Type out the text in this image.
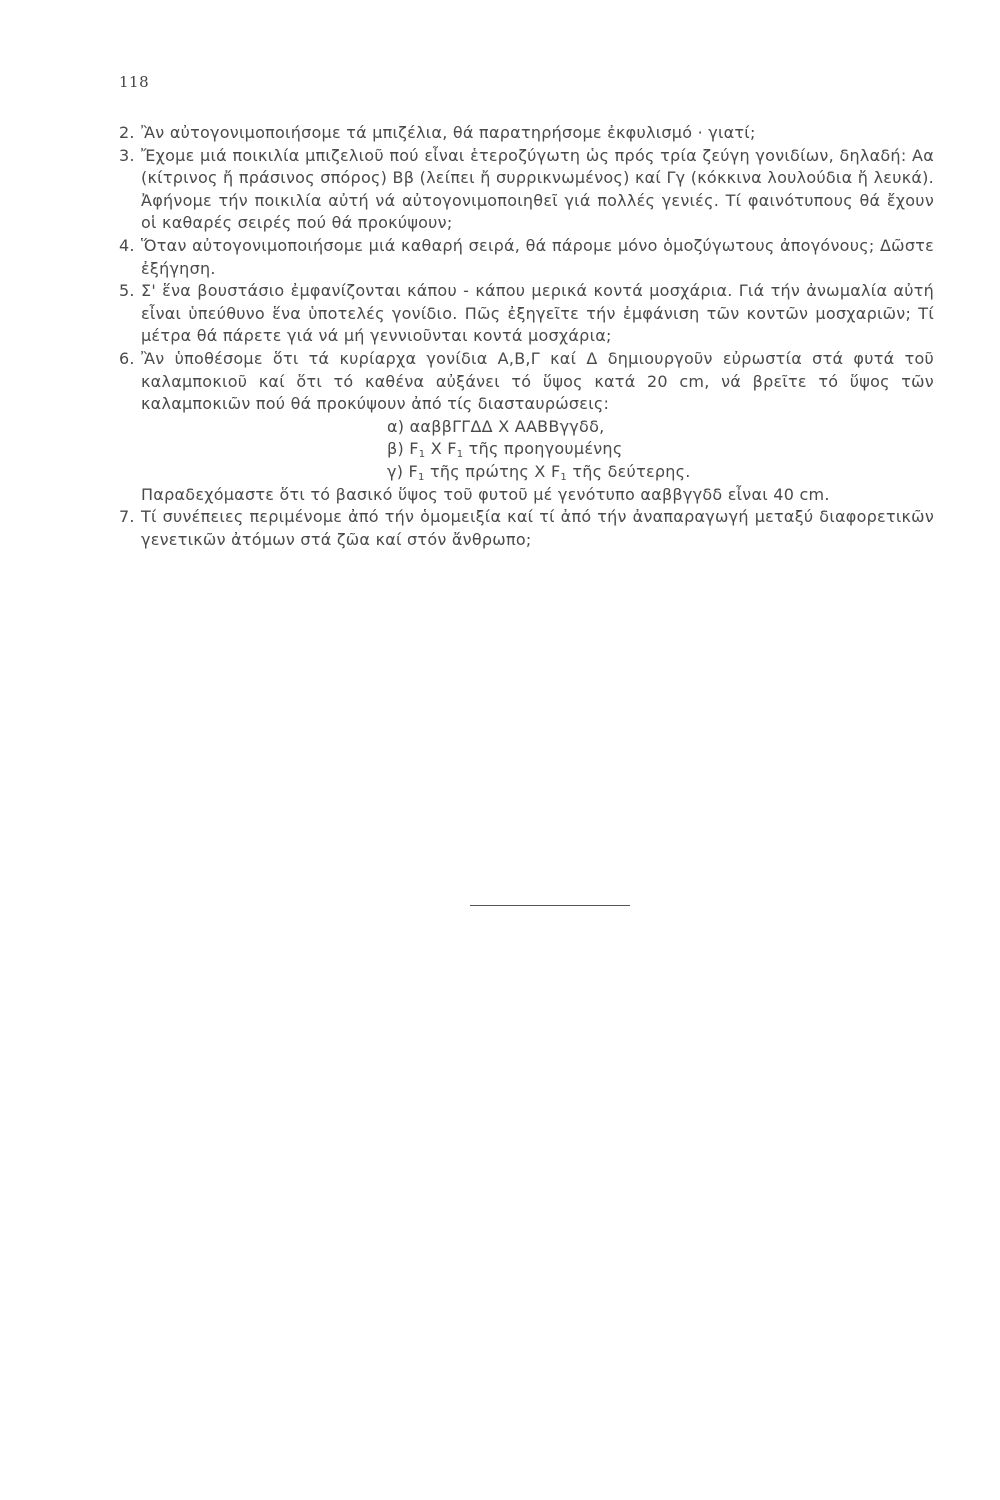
118
2. Ἂν αὐτογονιμοποιήσομε τά μπιζέλια, θά παρατηρήσομε ἐκφυλισμό · γιατί;
3. Ἔχομε μιά ποικιλία μπιζελιοῦ πού εἶναι ἑτεροζύγωτη ὡς πρός τρία ζεύγη γονιδίων, δηλαδή: Αα (κίτρινος ἤ πράσινος σπόρος) Ββ (λείπει ἤ συρρικνωμένος) καί Γγ (κόκκινα λουλούδια ἤ λευκά). Ἀφήνομε τήν ποικιλία αὐτή νά αὐτογονιμοποιηθεῖ γιά πολλές γενιές. Τί φαινότυπους θά ἔχουν οἱ καθαρές σειρές πού θά προκύψουν;
4. Ὅταν αὐτογονιμοποιήσομε μιά καθαρή σειρά, θά πάρομε μόνο ὁμοζύγωτους ἀπογόνους; Δῶστε ἐξήγηση.
5. Σ' ἕνα βουστάσιο ἐμφανίζονται κάπου - κάπου μερικά κοντά μοσχάρια. Γιά τήν ἀνωμαλία αὐτή εἶναι ὑπεύθυνο ἕνα ὑποτελές γονίδιο. Πῶς ἐξηγεῖτε τήν ἐμφάνιση τῶν κοντῶν μοσχαριῶν; Τί μέτρα θά πάρετε γιά νά μή γεννιοῦνται κοντά μοσχάρια;
6. Ἂν ὑποθέσομε ὅτι τά κυρίαρχα γονίδια Α,Β,Γ καί Δ δημιουργοῦν εὐρωστία στά φυτά τοῦ καλαμποκιοῦ καί ὅτι τό καθένα αὐξάνει τό ὕψος κατά 20 cm, νά βρεῖτε τό ὕψος τῶν καλαμποκιῶν πού θά προκύψουν ἀπό τίς διασταυρώσεις:
α) ααββΓΓΔΔ Χ ΑΑΒΒγγδδ,
β) $F_1$ Χ $F_1$ τῆς προηγουμένης
γ) $F_1$ τῆς πρώτης Χ $F_1$ τῆς δεύτερης.
Παραδεχόμαστε ὅτι τό βασικό ὕψος τοῦ φυτοῦ μέ γενότυπο ααββγγδδ εἶναι 40 cm.
7. Τί συνέπειες περιμένομε ἀπό τήν ὁμομειξία καί τί ἀπό τήν ἀναπαραγωγή μεταξύ διαφορετικῶν γενετικῶν ἀτόμων στά ζῶα καί στόν ἄνθρωπο;
